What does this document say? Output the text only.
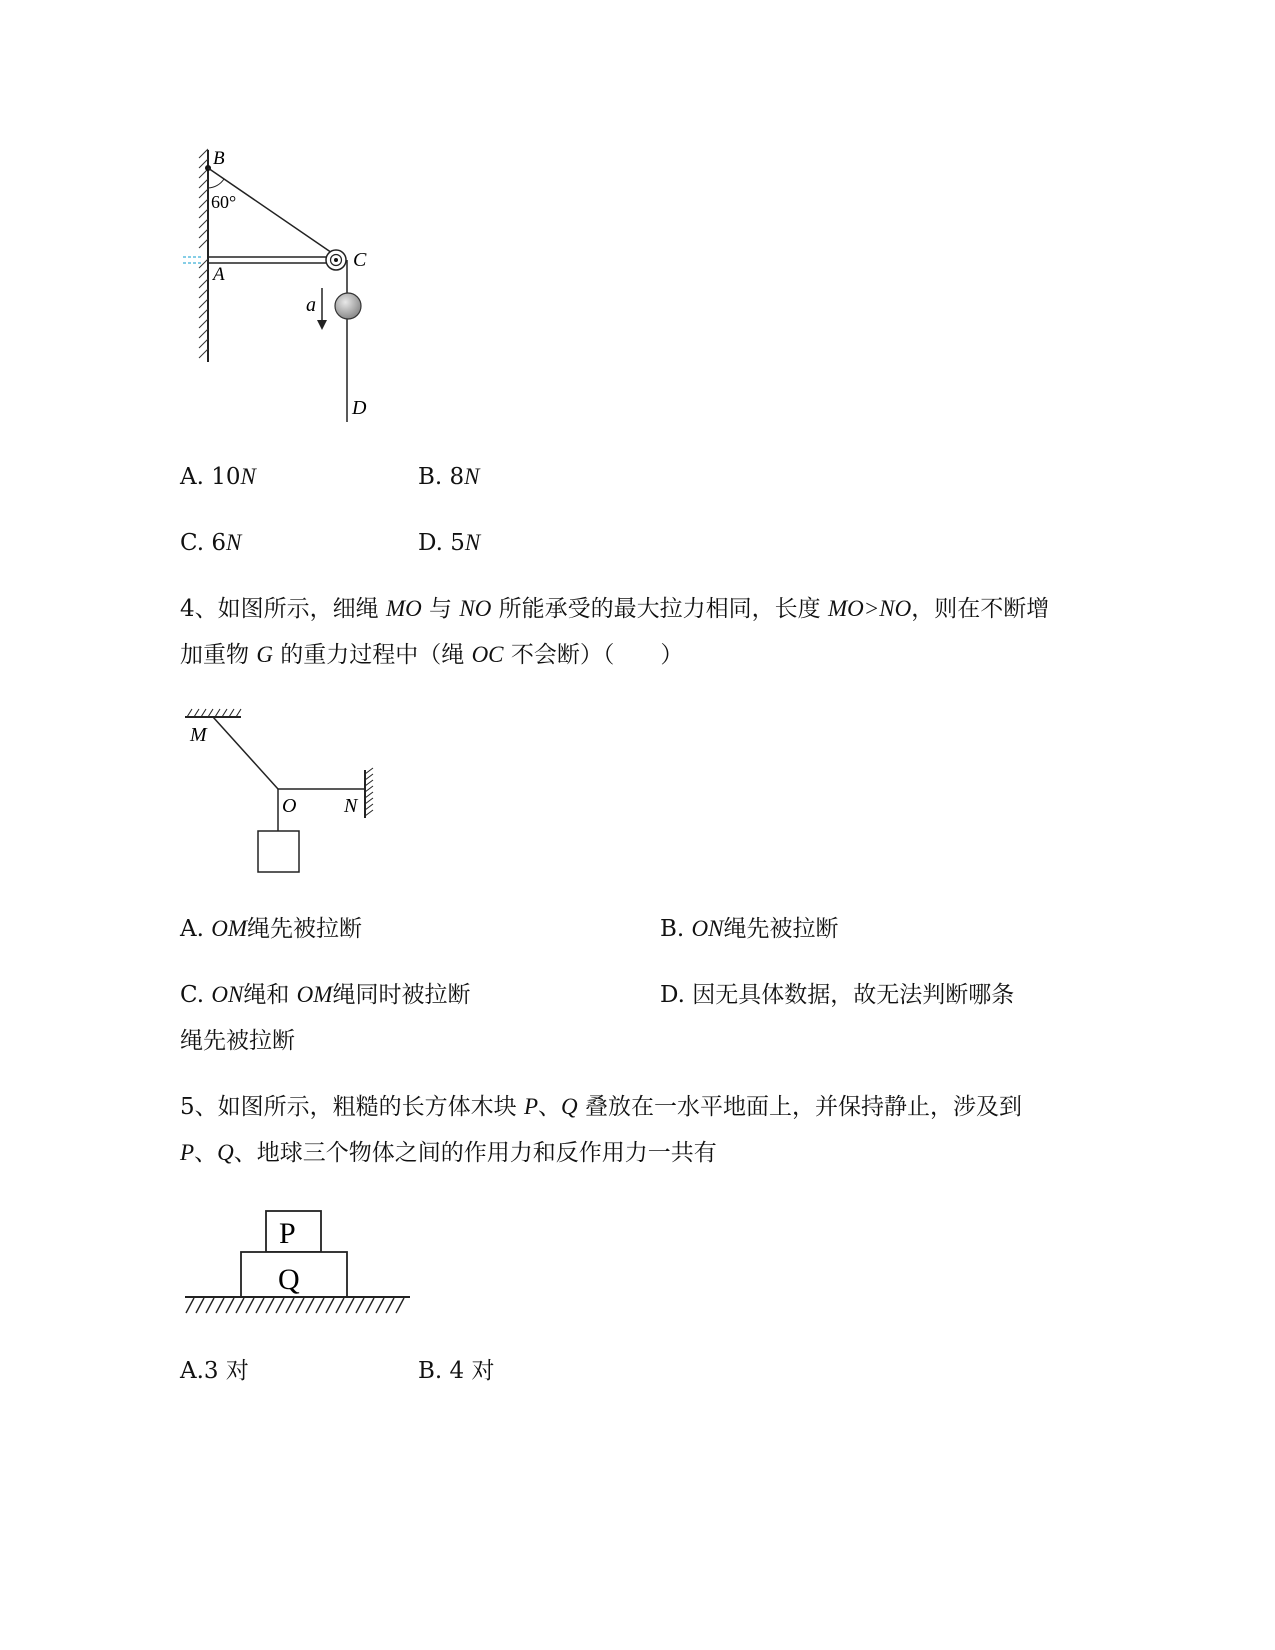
B
60°
A
C
a
D
A. 10N	B. 8N
C. 6N	D. 5N
4、如图所示，细绳 MO 与 NO 所能承受的最大拉力相同，长度 MO>NO，则在不断增
加重物 G 的重力过程中（绳 OC 不会断）（　　）
M
O N
A. OM绳先被拉断	B. ON绳先被拉断
C. ON绳和 OM绳同时被拉断	D. 因无具体数据，故无法判断哪条
绳先被拉断
5、如图所示，粗糙的长方体木块 P、Q 叠放在一水平地面上，并保持静止，涉及到
P、Q、地球三个物体之间的作用力和反作用力一共有
P
Q
A.3 对	B. 4 对
